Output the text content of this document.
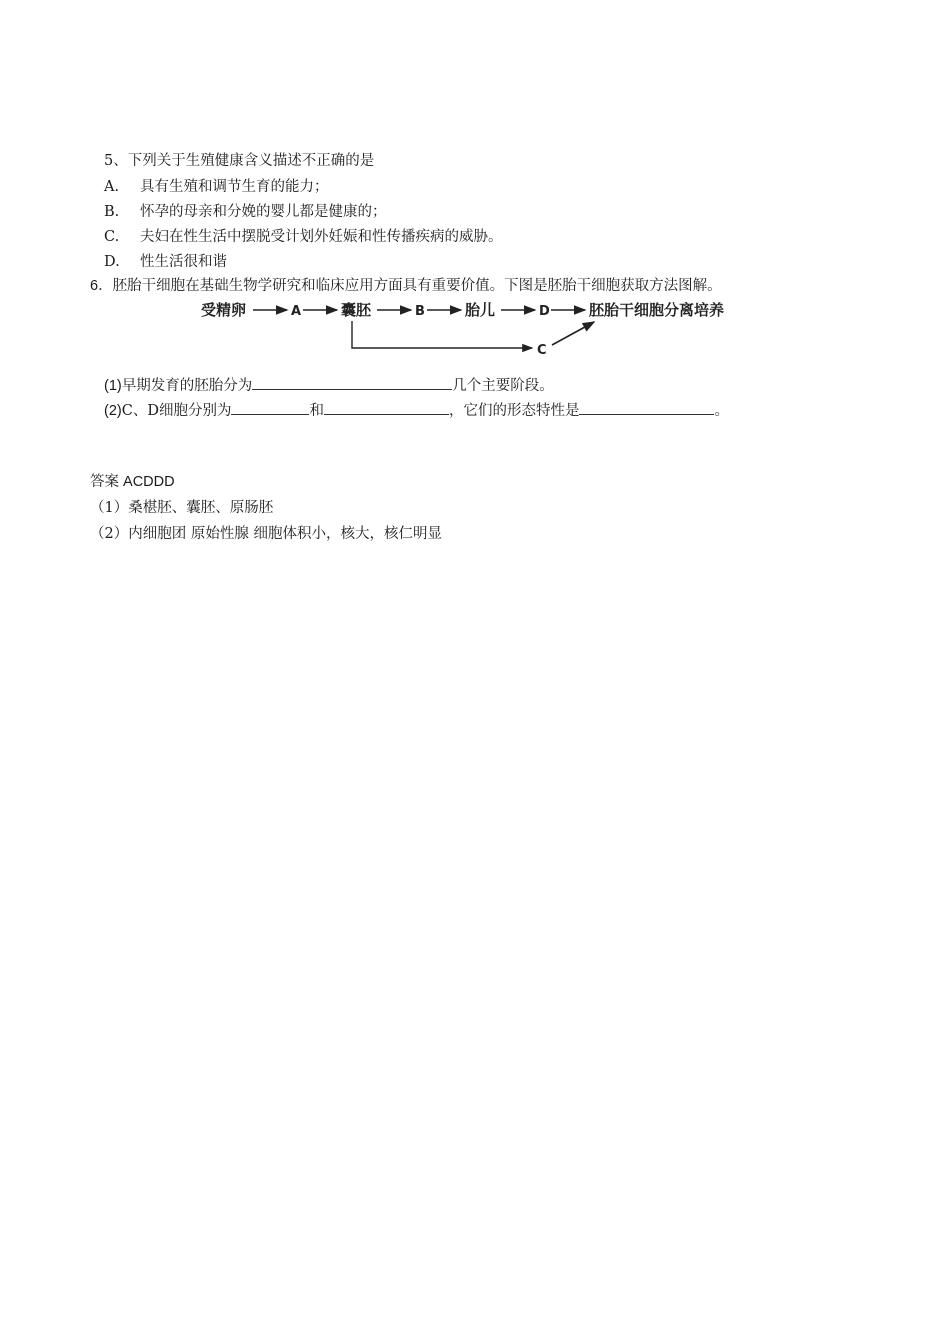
5、下列关于生殖健康含义描述不正确的是
A. 具有生殖和调节生育的能力；
B. 怀孕的母亲和分娩的婴儿都是健康的；
C. 夫妇在性生活中摆脱受计划外妊娠和性传播疾病的威胁。
D. 性生活很和谐
6．胚胎干细胞在基础生物学研究和临床应用方面具有重要价值。下图是胚胎干细胞获取方法图解。
受精卵	A	囊胚	B	胎儿	D	胚胎干细胞分离培养
C
(1)早期发育的胚胎分为	几个主要阶段。
(2)C、D细胞分别为	和	，它们的形态特性是	。
答案 ACDDD
（1）桑椹胚、囊胚、原肠胚
（2）内细胞团 原始性腺 细胞体积小，核大，核仁明显
